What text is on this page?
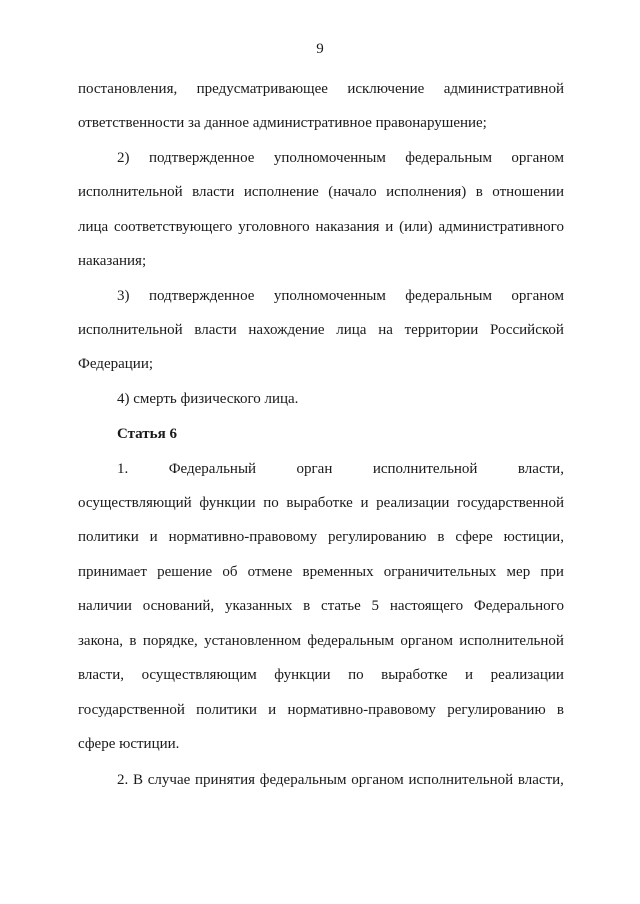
9
постановления, предусматривающее исключение административной
ответственности за данное административное правонарушение;
2) подтвержденное уполномоченным федеральным органом
исполнительной власти исполнение (начало исполнения) в отношении
лица соответствующего уголовного наказания и (или) административного
наказания;
3) подтвержденное уполномоченным федеральным органом
исполнительной власти нахождение лица на территории Российской
Федерации;
4) смерть физического лица.
Статья 6
1.	Федеральный	орган	исполнительной	власти,
осуществляющий функции по выработке и реализации государственной
политики и нормативно-правовому регулированию в сфере юстиции,
принимает решение об отмене временных ограничительных мер при
наличии оснований, указанных в статье 5 настоящего Федерального
закона, в порядке, установленном федеральным органом исполнительной
власти, осуществляющим функции по выработке и реализации
государственной политики и нормативно-правовому регулированию в
сфере юстиции.
2. В случае принятия федеральным органом исполнительной власти,
